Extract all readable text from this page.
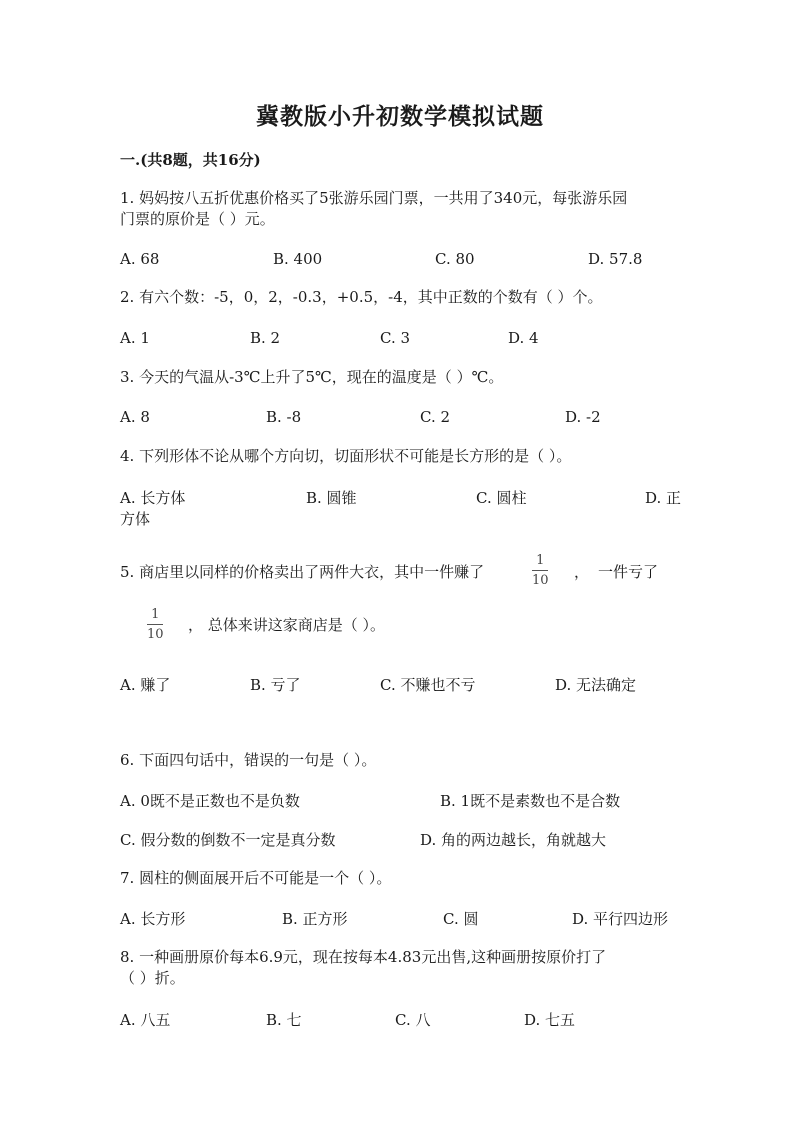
冀教版小升初数学模拟试题
一.(共8题，共16分)
1. 妈妈按八五折优惠价格买了5张游乐园门票，一共用了340元，每张游乐园
门票的原价是（ ）元。
A. 68	B. 400	C. 80	D. 57.8
2. 有六个数：-5，0，2，-0.3，+0.5，-4，其中正数的个数有（ ）个。
A. 1	B. 2	C. 3	D. 4
3. 今天的气温从-3℃上升了5℃，现在的温度是（ ）℃。
A. 8	B. -8	C. 2	D. -2
4. 下列形体不论从哪个方向切，切面形状不可能是长方形的是（ ）。
A. 长方体	B. 圆锥	C. 圆柱	D. 正
方体
5. 商店里以同样的价格卖出了两件大衣，其中一件赚了
1
10 ， 一件亏了
1
10
， 总体来讲这家商店是（ ）。
A. 赚了	B. 亏了	C. 不赚也不亏	D. 无法确定
6. 下面四句话中，错误的一句是（ ）。
A. 0既不是正数也不是负数	B. 1既不是素数也不是合数
C. 假分数的倒数不一定是真分数	D. 角的两边越长，角就越大
7. 圆柱的侧面展开后不可能是一个（ ）。
A. 长方形	B. 正方形	C. 圆	D. 平行四边形
8. 一种画册原价每本6.9元，现在按每本4.83元出售,这种画册按原价打了
（ ）折。
A. 八五	B. 七	C. 八	D. 七五
